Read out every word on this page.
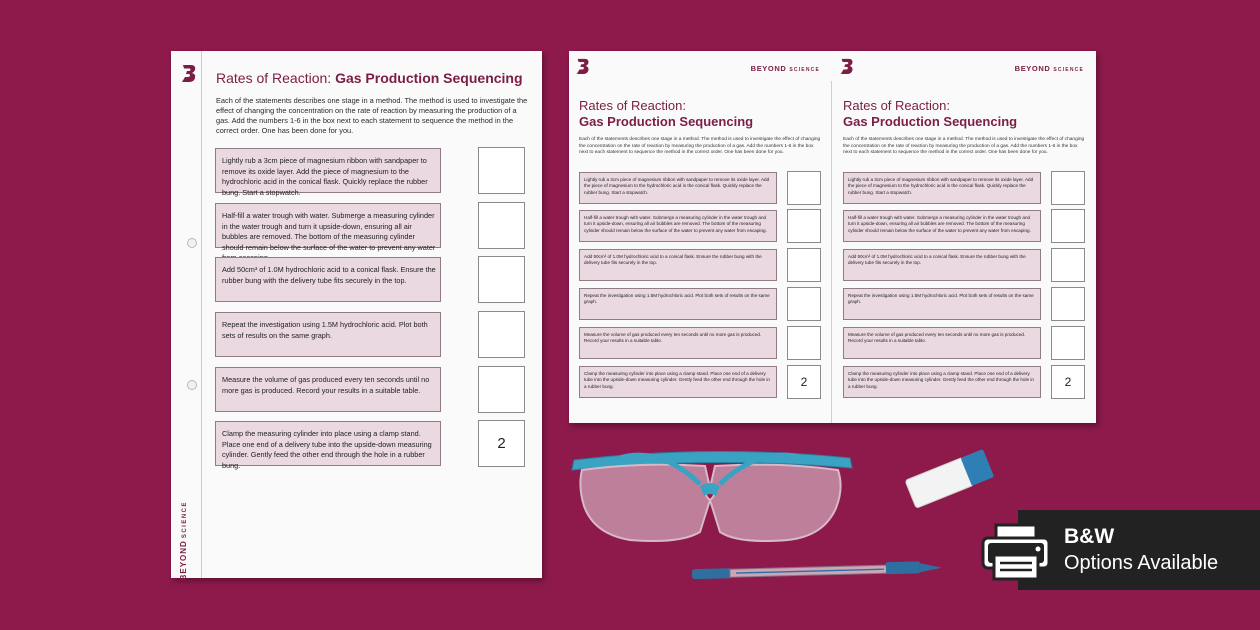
BEYONDSCIENCE
Rates of Reaction: Gas Production Sequencing
Each of the statements describes one stage in a method. The method is used to investigate the effect of changing the concentration on the rate of reaction by measuring the production of a gas. Add the numbers 1-6 in the box next to each statement to sequence the method in the correct order. One has been done for you.
Lightly rub a 3cm piece of magnesium ribbon with sandpaper to remove its oxide layer. Add the piece of magnesium to the hydrochloric acid in the conical flask. Quickly replace the rubber bung. Start a stopwatch.
Half-fill a water trough with water. Submerge a measuring cylinder in the water trough and turn it upside-down, ensuring all air bubbles are removed. The bottom of the measuring cylinder should remain below the surface of the water to prevent any water
Add 50cm³ of 1.0M hydrochloric acid to a conical flask. Ensure the rubber bung with the delivery tube fits securely in the top.
Repeat the investigation using 1.5M hydrochloric acid. Plot both sets of results on the same graph.
Measure the volume of gas produced every ten seconds until no more gas is produced. Record your results in a suitable table.
Clamp the measuring cylinder into place using a clamp stand. Place one end of a delivery tube into the upside-down measuring cylinder. Gently feed the other end through the hole in a rubber bung.
2
BEYOND SCIENCE
Rates of Reaction:
Gas Production Sequencing
Each of the statements describes one stage in a method. The method is used to investigate the effect of changing the concentration on the rate of reaction by measuring the production of a gas. Add the numbers 1-6 in the box next to each statement to sequence the method in the correct order. One has been done for you.
Lightly rub a 3cm piece of magnesium ribbon with sandpaper to remove its oxide layer. Add the piece of magnesium to the hydrochloric acid in the conical flask. Quickly replace the rubber bung. Start a stopwatch.
Half-fill a water trough with water. Submerge a measuring cylinder in the water trough and turn it upside-down, ensuring all air bubbles are removed. The bottom of the measuring cylinder should remain below the surface of the water to prevent any water from escaping.
Add 50cm³ of 1.0M hydrochloric acid to a conical flask. Ensure the rubber bung with the delivery tube fits securely in the top.
Repeat the investigation using 1.5M hydrochloric acid. Plot both sets of results on the same graph.
Measure the volume of gas produced every ten seconds until no more gas is produced. Record your results in a suitable table.
Clamp the measuring cylinder into place using a clamp stand. Place one end of a delivery tube into the upside-down measuring cylinder. Gently feed the other end through the hole in a rubber bung.	2
BEYOND SCIENCE
Rates of Reaction:
Gas Production Sequencing
Each of the statements describes one stage in a method. The method is used to investigate the effect of changing the concentration on the rate of reaction by measuring the production of a gas. Add the numbers 1-6 in the box next to each statement to sequence the method in the correct order. One has been done for you.
Lightly rub a 3cm piece of magnesium ribbon with sandpaper to remove its oxide layer. Add the piece of magnesium to the hydrochloric acid in the conical flask. Quickly replace the rubber bung. Start a stopwatch.
Half-fill a water trough with water. Submerge a measuring cylinder in the water trough and turn it upside-down, ensuring all air bubbles are removed. The bottom of the measuring cylinder should remain below the surface of the water to prevent any water from escaping.
Add 50cm³ of 1.0M hydrochloric acid to a conical flask. Ensure the rubber bung with the delivery tube fits securely in the top.
Repeat the investigation using 1.5M hydrochloric acid. Plot both sets of results on the same graph.
Measure the volume of gas produced every ten seconds until no more gas is produced. Record your results in a suitable table.
Clamp the measuring cylinder into place using a clamp stand. Place one end of a delivery tube into the upside-down measuring cylinder. Gently feed the other end through the hole in a rubber bung.	2
B&W
Options Available
